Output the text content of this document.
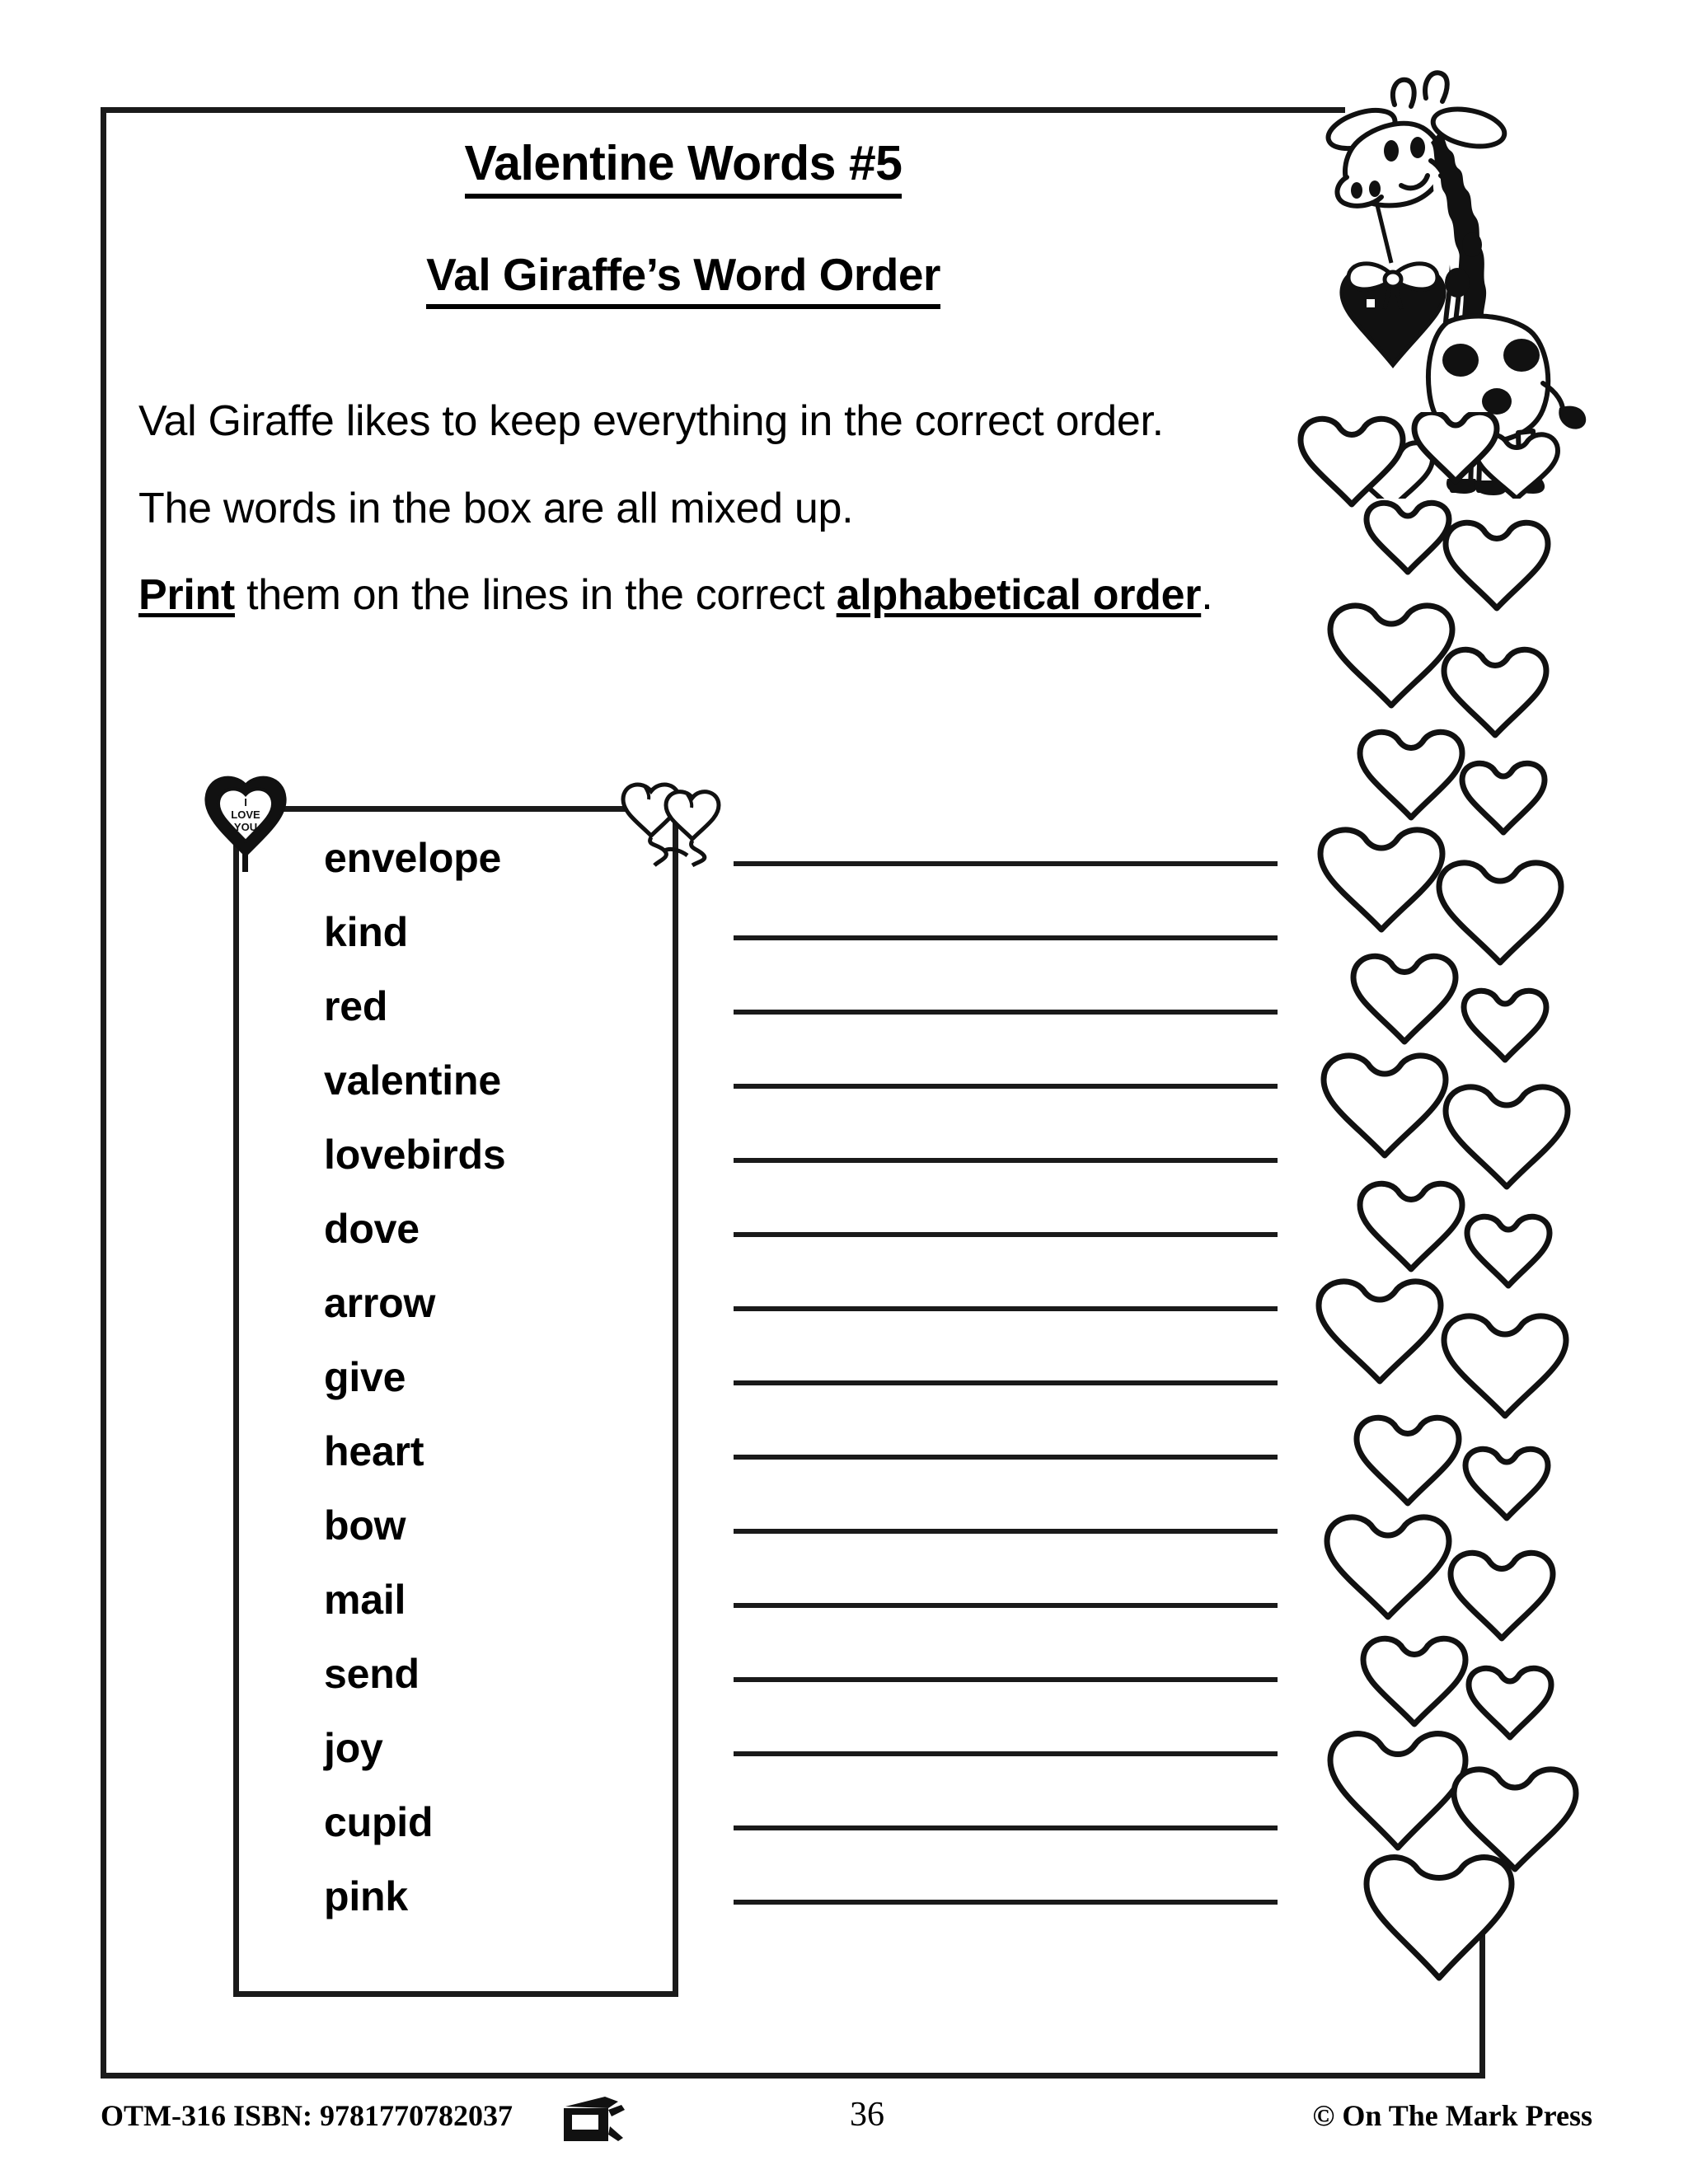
Valentine Words #5
Val Giraffe’s Word Order

Val Giraffe likes to keep everything in the correct order.

The words in the box are all mixed up.

Print them on the lines in the correct alphabetical order.

envelope
kind
red
valentine
lovebirds
dove
arrow
give
heart
bow
mail
send
joy
cupid
pink
I
LOVE
YOU
OTM-316 ISBN: 9781770782037	36	© On The Mark Press
